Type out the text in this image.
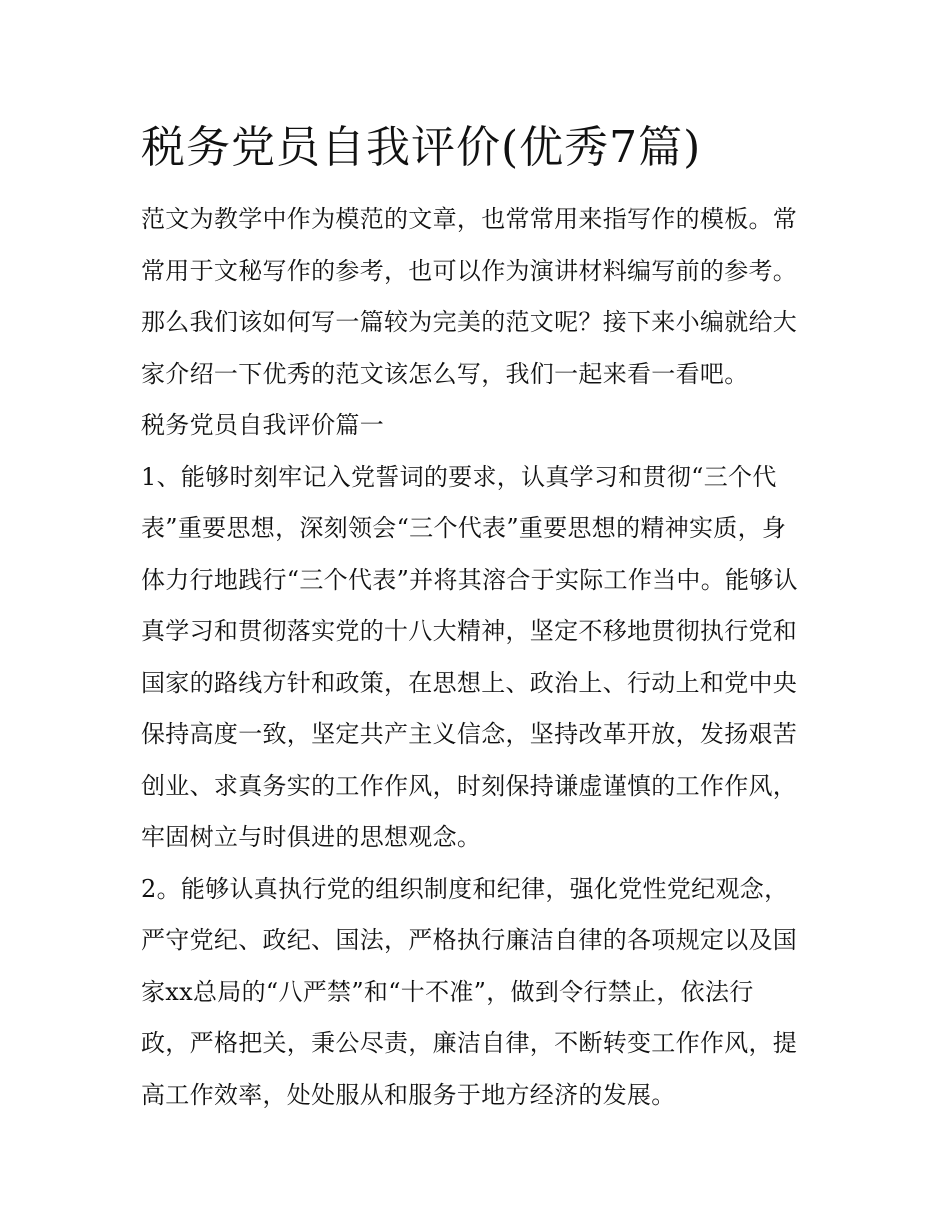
税务党员自我评价(优秀7篇)

范文为教学中作为模范的文章，也常常用来指写作的模板。常
常用于文秘写作的参考，也可以作为演讲材料编写前的参考。
那么我们该如何写一篇较为完美的范文呢？接下来小编就给大
家介绍一下优秀的范文该怎么写，我们一起来看一看吧。

税务党员自我评价篇一

1、能够时刻牢记入党誓词的要求，认真学习和贯彻“三个代
表”重要思想，深刻领会“三个代表”重要思想的精神实质，身
体力行地践行“三个代表”并将其溶合于实际工作当中。能够认
真学习和贯彻落实党的十八大精神，坚定不移地贯彻执行党和
国家的路线方针和政策，在思想上、政治上、行动上和党中央
保持高度一致，坚定共产主义信念，坚持改革开放，发扬艰苦
创业、求真务实的工作作风，时刻保持谦虚谨慎的工作作风，
牢固树立与时俱进的思想观念。

2。能够认真执行党的组织制度和纪律，强化党性党纪观念，
严守党纪、政纪、国法，严格执行廉洁自律的各项规定以及国
家xx总局的“八严禁”和“十不准”，做到令行禁止，依法行
政，严格把关，秉公尽责，廉洁自律，不断转变工作作风，提
高工作效率，处处服从和服务于地方经济的发展。
